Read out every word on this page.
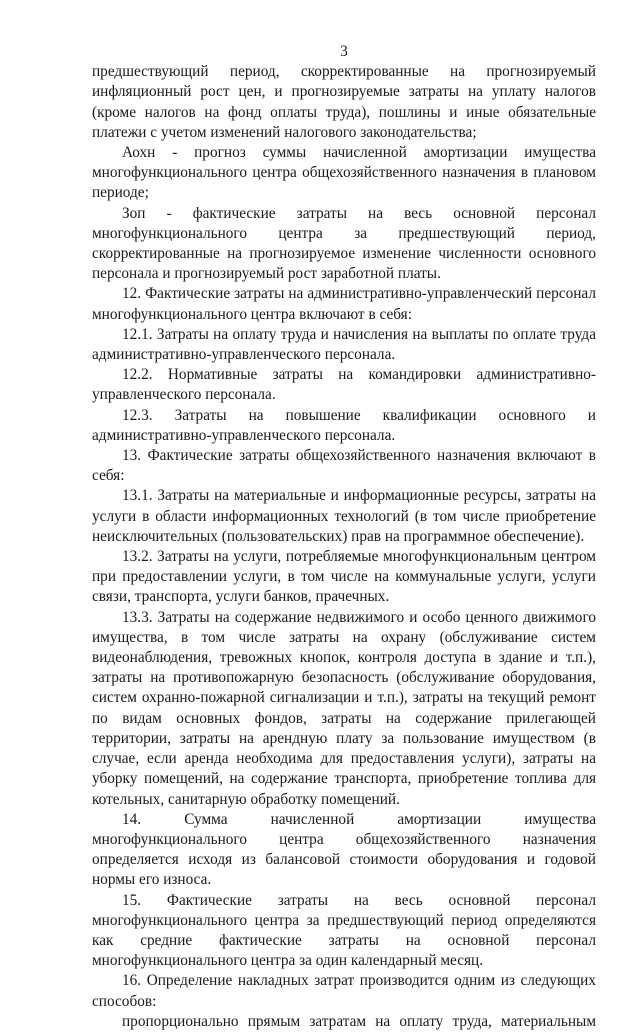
3

предшествующий период, скорректированные на прогнозируемый инфляционный рост цен, и прогнозируемые затраты на уплату налогов (кроме налогов на фонд оплаты труда), пошлины и иные обязательные платежи с учетом изменений налогового законодательства;

Аохн - прогноз суммы начисленной амортизации имущества многофункционального центра общехозяйственного назначения в плановом периоде;

Зоп - фактические затраты на весь основной персонал многофункционального центра за предшествующий период, скорректированные на прогнозируемое изменение численности основного персонала и прогнозируемый рост заработной платы.

12. Фактические затраты на административно-управленческий персонал многофункционального центра включают в себя:

12.1. Затраты на оплату труда и начисления на выплаты по оплате труда административно-управленческого персонала.

12.2. Нормативные затраты на командировки административно-управленческого персонала.

12.3. Затраты на повышение квалификации основного и административно-управленческого персонала.

13. Фактические затраты общехозяйственного назначения включают в себя:

13.1. Затраты на материальные и информационные ресурсы, затраты на услуги в области информационных технологий (в том числе приобретение неисключительных (пользовательских) прав на программное обеспечение).

13.2. Затраты на услуги, потребляемые многофункциональным центром при предоставлении услуги, в том числе на коммунальные услуги, услуги связи, транспорта, услуги банков, прачечных.

13.3. Затраты на содержание недвижимого и особо ценного движимого имущества, в том числе затраты на охрану (обслуживание систем видеонаблюдения, тревожных кнопок, контроля доступа в здание и т.п.), затраты на противопожарную безопасность (обслуживание оборудования, систем охранно-пожарной сигнализации и т.п.), затраты на текущий ремонт по видам основных фондов, затраты на содержание прилегающей территории, затраты на арендную плату за пользование имуществом (в случае, если аренда необходима для предоставления услуги), затраты на уборку помещений, на содержание транспорта, приобретение топлива для котельных, санитарную обработку помещений.

14. Сумма начисленной амортизации имущества многофункционального центра общехозяйственного назначения определяется исходя из балансовой стоимости оборудования и годовой нормы его износа.

15. Фактические затраты на весь основной персонал многофункционального центра за предшествующий период определяются как средние фактические затраты на основной персонал многофункционального центра за один календарный месяц.

16. Определение накладных затрат производится одним из следующих способов:

пропорционально прямым затратам на оплату труда, материальным
